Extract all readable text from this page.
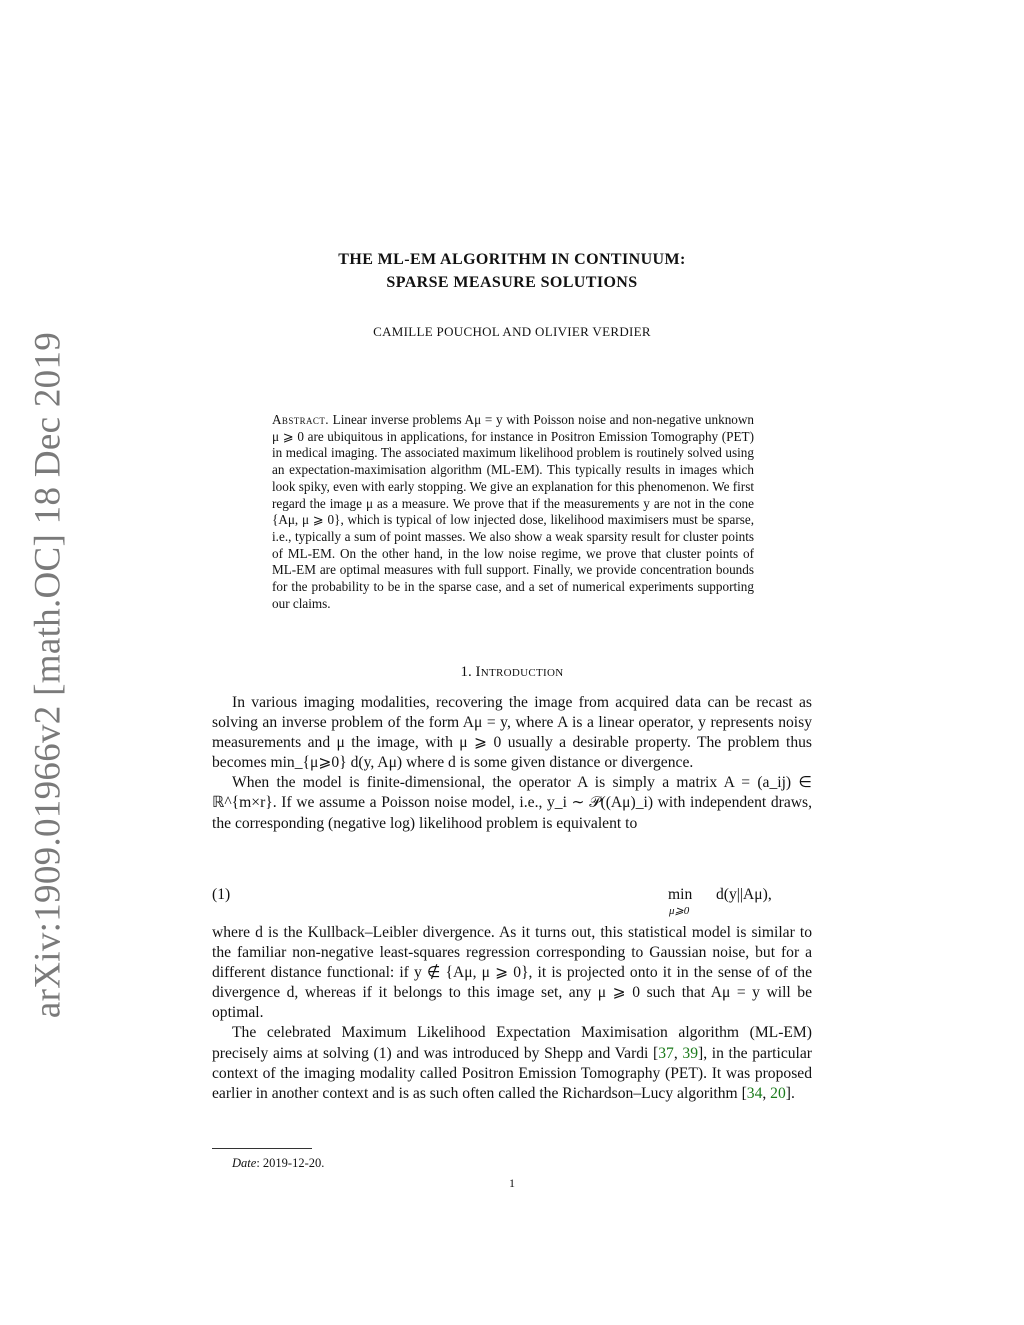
arXiv:1909.01966v2 [math.OC] 18 Dec 2019
THE ML-EM ALGORITHM IN CONTINUUM:
SPARSE MEASURE SOLUTIONS
CAMILLE POUCHOL AND OLIVIER VERDIER
Abstract. Linear inverse problems Aμ = y with Poisson noise and non-negative unknown μ ⩾ 0 are ubiquitous in applications, for instance in Positron Emission Tomography (PET) in medical imaging. The associated maximum likelihood problem is routinely solved using an expectation-maximisation algorithm (ML-EM). This typically results in images which look spiky, even with early stopping. We give an explanation for this phenomenon. We first regard the image μ as a measure. We prove that if the measurements y are not in the cone {Aμ, μ ⩾ 0}, which is typical of low injected dose, likelihood maximisers must be sparse, i.e., typically a sum of point masses. We also show a weak sparsity result for cluster points of ML-EM. On the other hand, in the low noise regime, we prove that cluster points of ML-EM are optimal measures with full support. Finally, we provide concentration bounds for the probability to be in the sparse case, and a set of numerical experiments supporting our claims.
1. Introduction

In various imaging modalities, recovering the image from acquired data can be recast as solving an inverse problem of the form Aμ = y, where A is a linear operator, y represents noisy measurements and μ the image, with μ ⩾ 0 usually a desirable property. The problem thus becomes min_{μ⩾0} d(y, Aμ) where d is some given distance or divergence.

When the model is finite-dimensional, the operator A is simply a matrix A = (a_ij) ∈ ℝ^{m×r}. If we assume a Poisson noise model, i.e., y_i ∼ 𝒫((Aμ)_i) with independent draws, the corresponding (negative log) likelihood problem is equivalent to

(1)	min
μ⩾0
d(y||Aμ),

where d is the Kullback–Leibler divergence. As it turns out, this statistical model is similar to the familiar non-negative least-squares regression corresponding to Gaussian noise, but for a different distance functional: if y ∉ {Aμ, μ ⩾ 0}, it is projected onto it in the sense of of the divergence d, whereas if it belongs to this image set, any μ ⩾ 0 such that Aμ = y will be optimal.

The celebrated Maximum Likelihood Expectation Maximisation algorithm (ML-EM) precisely aims at solving (1) and was introduced by Shepp and Vardi [37, 39], in the particular context of the imaging modality called Positron Emission Tomography (PET). It was proposed earlier in another context and is as such often called the Richardson–Lucy algorithm [34, 20].

Date: 2019-12-20.
1
